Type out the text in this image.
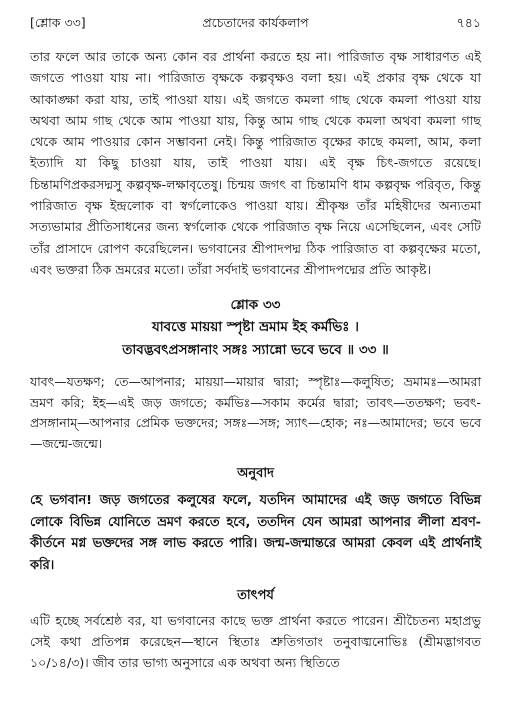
[শ্লোক ৩৩]	প্রচেতাদের কার্যকলাপ	৭৪১

তার ফলে আর তাকে অন্য কোন বর প্রার্থনা করতে হয় না। পারিজাত বৃক্ষ সাধারণত এই জগতে পাওয়া যায় না। পারিজাত বৃক্ষকে কল্পবৃক্ষও বলা হয়। এই প্রকার বৃক্ষ থেকে যা আকাঙ্ক্ষা করা যায়, তাই পাওয়া যায়। এই জগতে কমলা গাছ থেকে কমলা পাওয়া যায় অথবা আম গাছ থেকে আম পাওয়া যায়, কিন্তু আম গাছ থেকে কমলা অথবা কমলা গাছ থেকে আম পাওয়ার কোন সম্ভাবনা নেই। কিন্তু পারিজাত বৃক্ষের কাছে কমলা, আম, কলা ইত্যাদি যা কিছু চাওয়া যায়, তাই পাওয়া যায়। এই বৃক্ষ চিৎ-জগতে রয়েছে। চিন্তামণিপ্রকরসদ্মসু কল্পবৃক্ষ-লক্ষাবৃতেষু। চিন্ময় জগৎ বা চিন্তামণি ধাম কল্পবৃক্ষ পরিবৃত, কিন্তু পারিজাত বৃক্ষ ইন্দ্রলোক বা স্বর্গলোকেও পাওয়া যায়। শ্রীকৃষ্ণ তাঁর মহিষীদের অন্যতমা সত্যভামার প্রীতিসাধনের জন্য স্বর্গলোক থেকে পারিজাত বৃক্ষ নিয়ে এসেছিলেন, এবং সেটি তাঁর প্রাসাদে রোপণ করেছিলেন। ভগবানের শ্রীপাদপদ্ম ঠিক পারিজাত বা কল্পবৃক্ষের মতো, এবং ভক্তরা ঠিক ভ্রমরের মতো। তাঁরা সর্বদাই ভগবানের শ্রীপাদপদ্মের প্রতি আকৃষ্ট।

শ্লোক ৩৩
যাবত্তে মায়য়া স্পৃষ্টা ভ্রমাম ইহ কর্মভিঃ ।
তাবদ্ভবৎপ্রসঙ্গানাং সঙ্গঃ স্যান্নো ভবে ভবে ॥ ৩৩ ॥
যাবৎ—যতক্ষণ; তে—আপনার; মায়য়া—মায়ার দ্বারা; স্পৃষ্টাঃ—কলুষিত; ভ্রমামঃ—আমরা ভ্রমণ করি; ইহ—এই জড় জগতে; কর্মভিঃ—সকাম কর্মের দ্বারা; তাবৎ—ততক্ষণ; ভবৎ-প্রসঙ্গানাম্—আপনার প্রেমিক ভক্তদের; সঙ্গঃ—সঙ্গ; স্যাৎ—হোক; নঃ—আমাদের; ভবে ভবে—জন্মে-জন্মে।
অনুবাদ
হে ভগবান! জড় জগতের কলুষের ফলে, যতদিন আমাদের এই জড় জগতে বিভিন্ন লোকে বিভিন্ন যোনিতে ভ্রমণ করতে হবে, ততদিন যেন আমরা আপনার লীলা শ্রবণ-কীর্তনে মগ্ন ভক্তদের সঙ্গ লাভ করতে পারি। জন্ম-জন্মান্তরে আমরা কেবল এই প্রার্থনাই করি।
তাৎপর্য
এটি হচ্ছে সর্বশ্রেষ্ঠ বর, যা ভগবানের কাছে ভক্ত প্রার্থনা করতে পারেন। শ্রীচৈতন্য মহাপ্রভু সেই কথা প্রতিপন্ন করেছেন—স্থানে স্থিতাঃ শ্রুতিগতাং তনুবাঙ্মনোভিঃ (শ্রীমদ্ভাগবত ১০/১৪/৩)। জীব তার ভাগ্য অনুসারে এক অথবা অন্য স্থিতিতে
